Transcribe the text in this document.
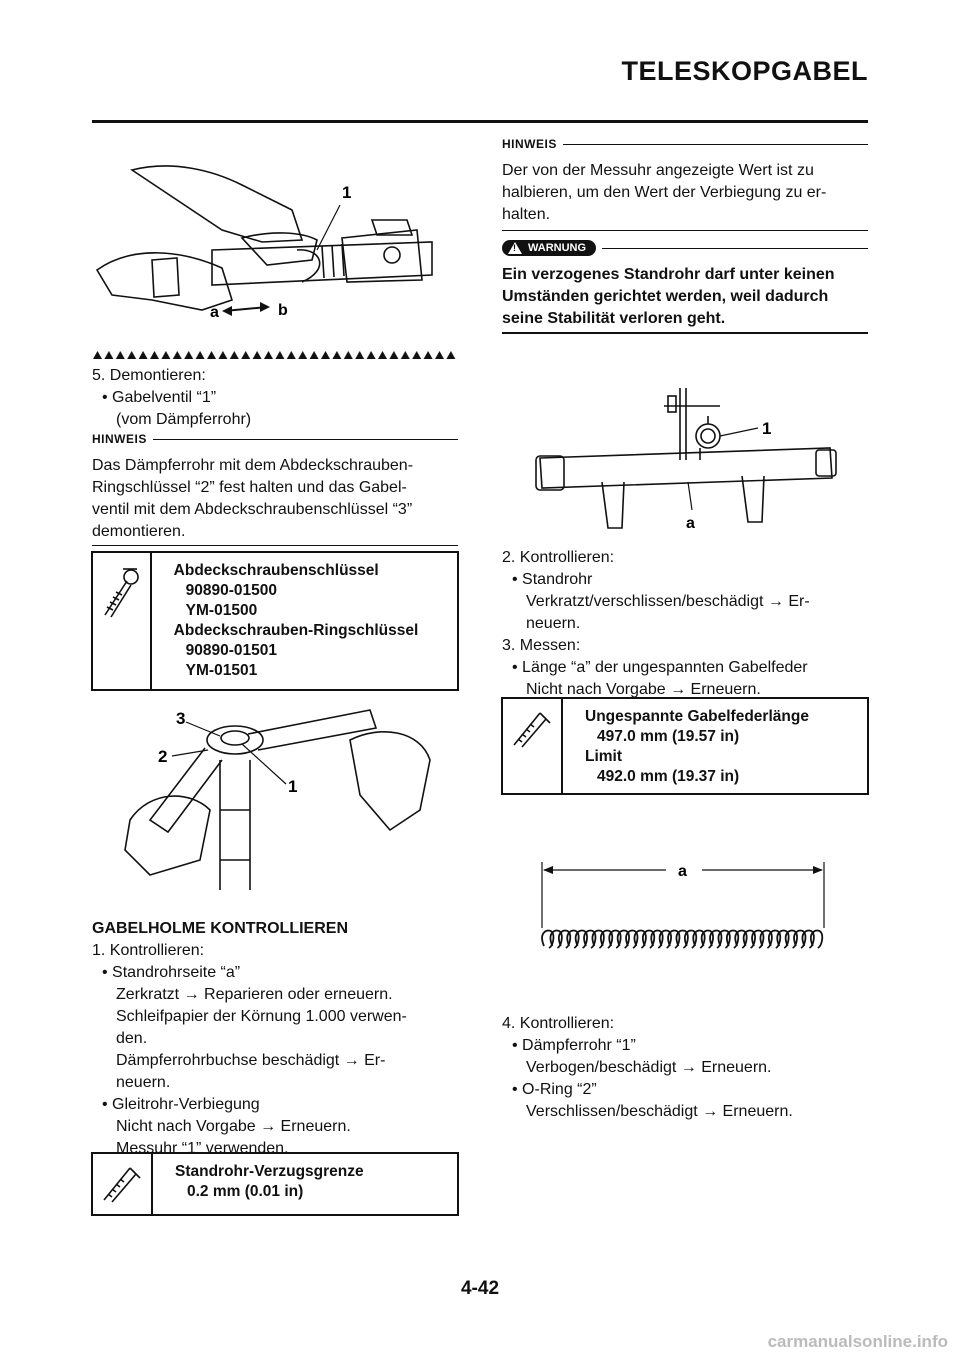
TELESKOPGABEL
1
a	b
5. Demontieren:
• Gabelventil “1”
(vom Dämpferrohr)
HINWEIS
Das Dämpferrohr mit dem Abdeckschrauben-
Ringschlüssel “2” fest halten und das Gabel-
ventil mit dem Abdeckschraubenschlüssel “3”
demontieren.
Abdeckschraubenschlüssel
90890-01500
YM-01500
Abdeckschrauben-Ringschlüssel
90890-01501
YM-01501
3
2
1
GABELHOLME KONTROLLIEREN
1. Kontrollieren:
• Standrohrseite “a”
Zerkratzt → Reparieren oder erneuern.
Schleifpapier der Körnung 1.000 verwen-
den.
Dämpferrohrbuchse beschädigt → Er-
neuern.
• Gleitrohr-Verbiegung
Nicht nach Vorgabe → Erneuern.
Messuhr “1” verwenden.
Standrohr-Verzugsgrenze
0.2 mm (0.01 in)
HINWEIS
Der von der Messuhr angezeigte Wert ist zu
halbieren, um den Wert der Verbiegung zu er-
halten.
!
WARNUNG
Ein verzogenes Standrohr darf unter keinen
Umständen gerichtet werden, weil dadurch
seine Stabilität verloren geht.
1
a
2. Kontrollieren:
• Standrohr
Verkratzt/verschlissen/beschädigt → Er-
neuern.
3. Messen:
• Länge “a” der ungespannten Gabelfeder
Nicht nach Vorgabe → Erneuern.
Ungespannte Gabelfederlänge
497.0 mm (19.57 in)
Limit
492.0 mm (19.37 in)
a
4. Kontrollieren:
• Dämpferrohr “1”
Verbogen/beschädigt → Erneuern.
• O-Ring “2”
Verschlissen/beschädigt → Erneuern.
4-42
carmanualsonline.info
